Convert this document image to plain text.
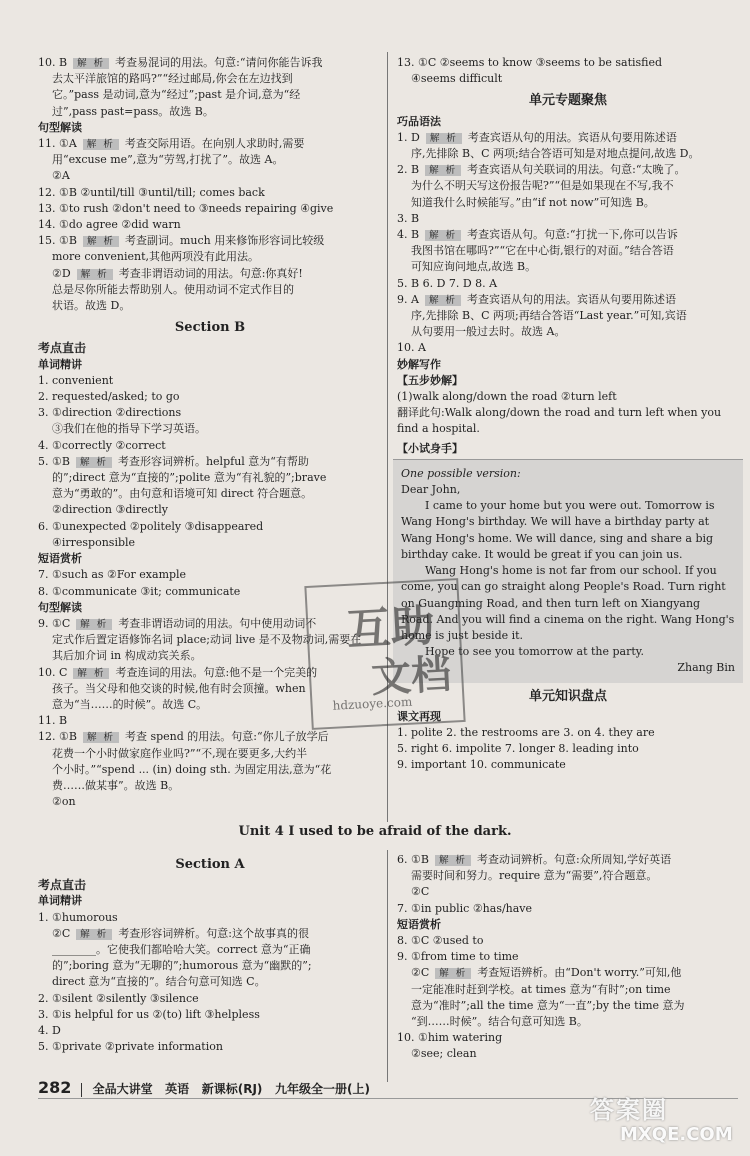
10. B 解 析 考查易混词的用法。句意:“请问你能告诉我
去太平洋旅馆的路吗?”“经过邮局,你会在左边找到
它。”pass 是动词,意为“经过”;past 是介词,意为“经
过”,pass past=pass。故选 B。
句型解读
11. ①A 解 析 考查交际用语。在向别人求助时,需要
用“excuse me”,意为“劳驾,打扰了”。故选 A。
②A
12. ①B ②until/till ③until/till; comes back
13. ①to rush ②don't need to ③needs repairing ④give
14. ①do agree ②did warn
15. ①B 解 析 考查副词。much 用来修饰形容词比较级
more convenient,其他两项没有此用法。
②D 解 析 考查非谓语动词的用法。句意:你真好!
总是尽你所能去帮助别人。使用动词不定式作目的
状语。故选 D。
Section B
考点直击
单词精讲
1. convenient
2. requested/asked; to go
3. ①direction ②directions
③我们在他的指导下学习英语。
4. ①correctly ②correct
5. ①B 解 析 考查形容词辨析。helpful 意为“有帮助
的”;direct 意为“直接的”;polite 意为“有礼貌的”;brave
意为“勇敢的”。由句意和语境可知 direct 符合题意。
②direction ③directly
6. ①unexpected ②politely ③disappeared
④irresponsible
短语赏析
7. ①such as ②For example
8. ①communicate ③it; communicate
句型解读
9. ①C 解 析 考查非谓语动词的用法。句中使用动词不
定式作后置定语修饰名词 place;动词 live 是不及物动词,需要在
其后加介词 in 构成动宾关系。
10. C 解 析 考查连词的用法。句意:他不是一个完美的
孩子。当父母和他交谈的时候,他有时会顶撞。when
意为“当……的时候”。故选 C。
11. B
12. ①B 解 析 考查 spend 的用法。句意:“你儿子放学后
花费一个小时做家庭作业吗?”“不,现在要更多,大约半
个小时。”“spend ... (in) doing sth. 为固定用法,意为“花
费……做某事”。故选 B。
②on
13. ①C ②seems to know ③seems to be satisfied
④seems difficult
单元专题聚焦
巧品语法
1. D 解 析 考查宾语从句的用法。宾语从句要用陈述语
序,先排除 B、C 两项;结合答语可知是对地点提问,故选 D。
2. B 解 析 考查宾语从句关联词的用法。句意:“太晚了。
为什么不明天写这份报告呢?”“但是如果现在不写,我不
知道我什么时候能写。”由“if not now”可知选 B。
3. B
4. B 解 析 考查宾语从句。句意:“打扰一下,你可以告诉
我图书馆在哪吗?”“它在中心街,银行的对面。”结合答语
可知应询问地点,故选 B。
5. B 6. D 7. D 8. A
9. A 解 析 考查宾语从句的用法。宾语从句要用陈述语
序,先排除 B、C 两项;再结合答语“Last year.”可知,宾语
从句要用一般过去时。故选 A。
10. A
妙解写作
【五步妙解】
(1)walk along/down the road ②turn left
翻译此句:Walk along/down the road and turn left when you
find a hospital.
【小试身手】
One possible version:
Dear John,
I came to your home but you were out. Tomorrow is Wang Hong's birthday. We will have a birthday party at Wang Hong's home. We will dance, sing and share a big birthday cake. It would be great if you can join us.
Wang Hong's home is not far from our school. If you come, you can go straight along People's Road. Turn right on Guangming Road, and then turn left on Xiangyang Road. And you will find a cinema on the right. Wang Hong's home is just beside it.
Hope to see you tomorrow at the party.
Zhang Bin
单元知识盘点
课文再现
1. polite 2. the restrooms are 3. on 4. they are
5. right 6. impolite 7. longer 8. leading into
9. important 10. communicate
Unit 4 I used to be afraid of the dark.
Section A
考点直击
单词精讲
1. ①humorous
②C 解 析 考查形容词辨析。句意:这个故事真的很
________。它使我们都哈哈大笑。correct 意为“正确
的”;boring 意为“无聊的”;humorous 意为“幽默的”;
direct 意为“直接的”。结合句意可知选 C。
2. ①silent ②silently ③silence
3. ①is helpful for us ②(to) lift ③helpless
4. D
5. ①private ②private information
6. ①B 解 析 考查动词辨析。句意:众所周知,学好英语
需要时间和努力。require 意为“需要”,符合题意。
②C
7. ①in public ②has/have
短语赏析
8. ①C ②used to
9. ①from time to time
②C 解 析 考查短语辨析。由“Don't worry.”可知,他
一定能准时赶到学校。at times 意为“有时”;on time
意为“准时”;all the time 意为“一直”;by the time 意为
“到……时候”。结合句意可知选 B。
10. ①him watering
②see; clean
互助
文档
hdzuoye.com
282 全品大讲堂 英语 新课标(RJ) 九年级全一册(上)
答案圈
MXQE.COM
